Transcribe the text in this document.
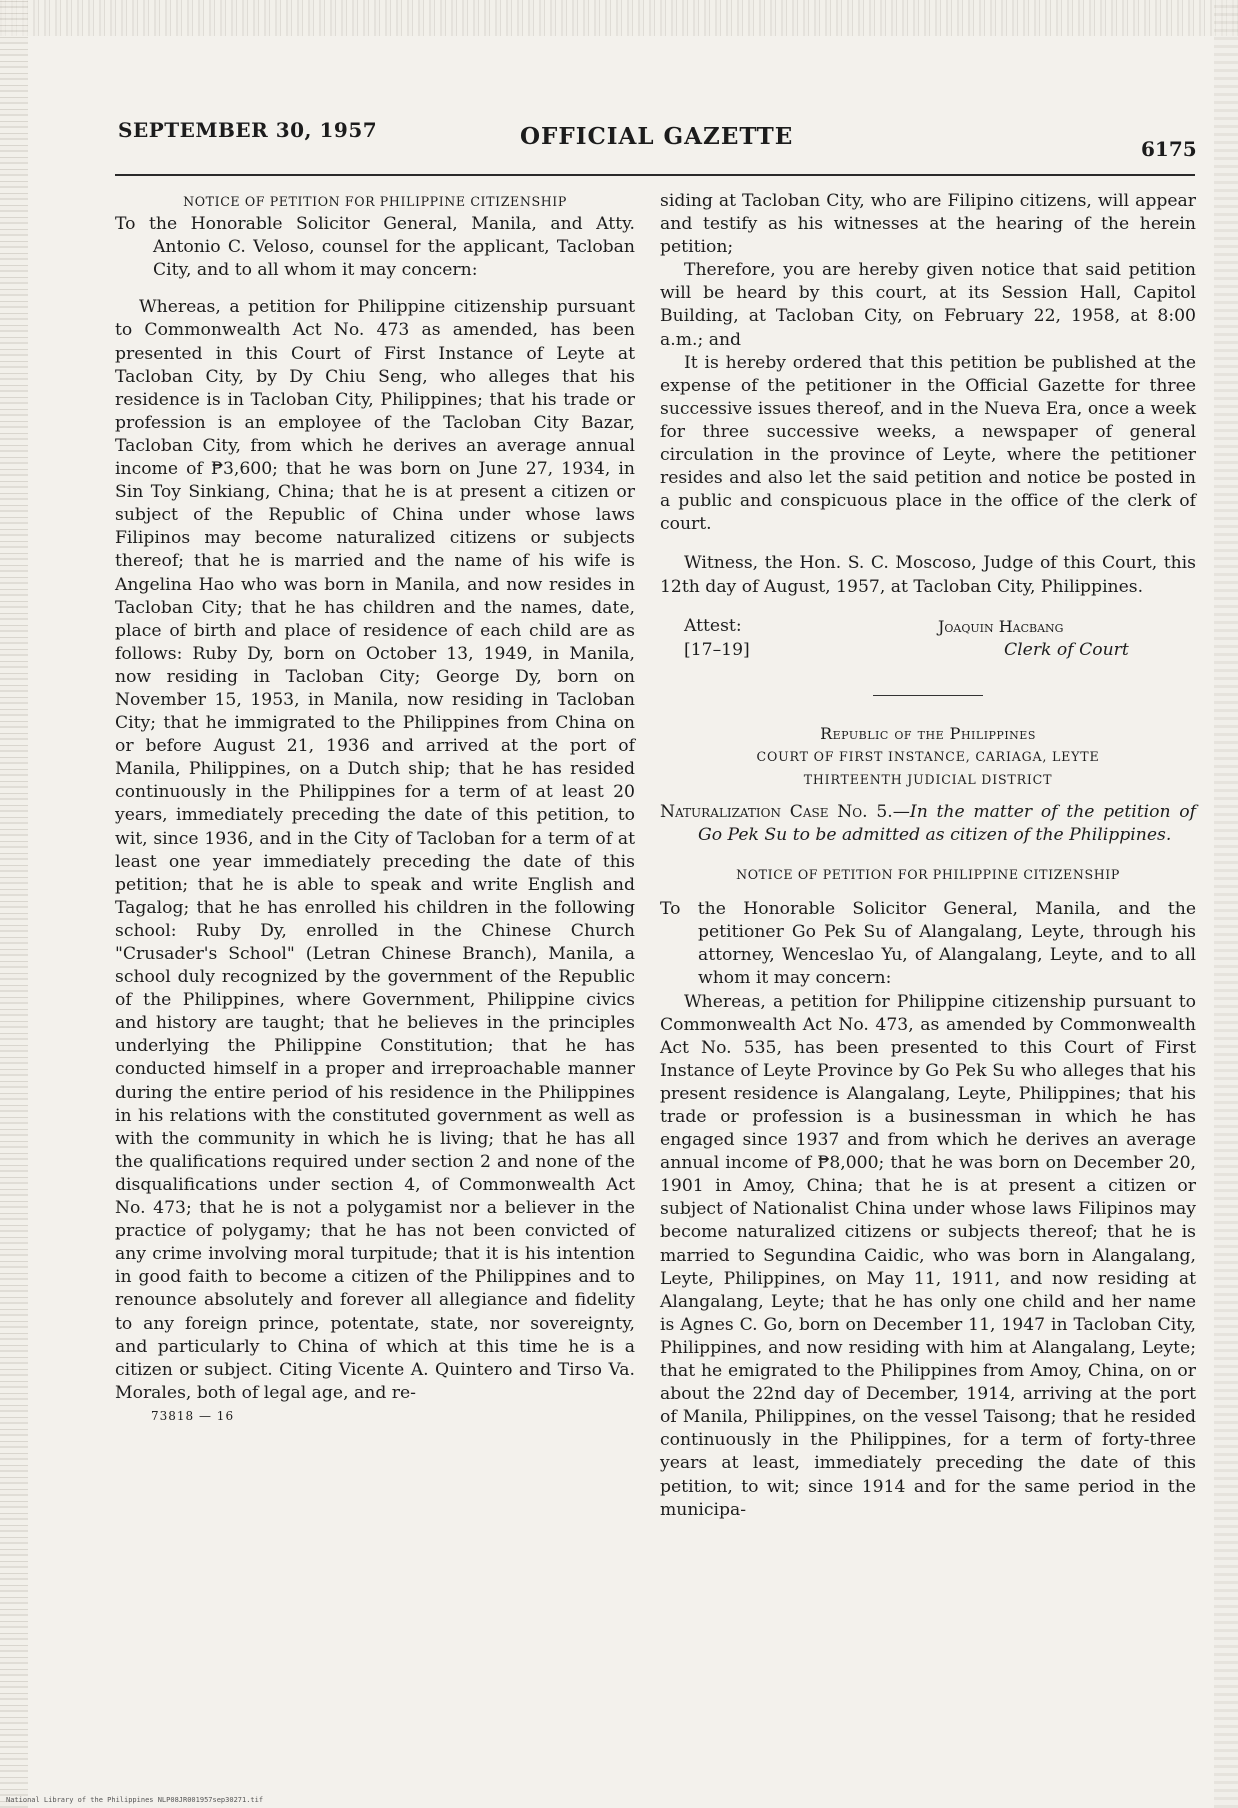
SEPTEMBER 30, 1957	OFFICIAL GAZETTE	6175

NOTICE OF PETITION FOR PHILIPPINE CITIZENSHIP

To the Honorable Solicitor General, Manila, and Atty. Antonio C. Veloso, counsel for the applicant, Tacloban City, and to all whom it may concern:

Whereas, a petition for Philippine citizenship pursuant to Commonwealth Act No. 473 as amended, has been presented in this Court of First Instance of Leyte at Tacloban City, by Dy Chiu Seng, who alleges that his residence is in Tacloban City, Philippines; that his trade or profession is an employee of the Tacloban City Bazar, Tacloban City, from which he derives an average annual income of ₱3,600; that he was born on June 27, 1934, in Sin Toy Sinkiang, China; that he is at present a citizen or subject of the Republic of China under whose laws Filipinos may become naturalized citizens or subjects thereof; that he is married and the name of his wife is Angelina Hao who was born in Manila, and now resides in Tacloban City; that he has children and the names, date, place of birth and place of residence of each child are as follows: Ruby Dy, born on October 13, 1949, in Manila, now residing in Tacloban City; George Dy, born on November 15, 1953, in Manila, now residing in Tacloban City; that he immigrated to the Philippines from China on or before August 21, 1936 and arrived at the port of Manila, Philippines, on a Dutch ship; that he has resided continuously in the Philippines for a term of at least 20 years, immediately preceding the date of this petition, to wit, since 1936, and in the City of Tacloban for a term of at least one year immediately preceding the date of this petition; that he is able to speak and write English and Tagalog; that he has enrolled his children in the following school: Ruby Dy, enrolled in the Chinese Church "Crusader's School" (Letran Chinese Branch), Manila, a school duly recognized by the government of the Republic of the Philippines, where Government, Philippine civics and history are taught; that he believes in the principles underlying the Philippine Constitution; that he has conducted himself in a proper and irreproachable manner during the entire period of his residence in the Philippines in his relations with the constituted government as well as with the community in which he is living; that he has all the qualifications required under section 2 and none of the disqualifications under section 4, of Commonwealth Act No. 473; that he is not a polygamist nor a believer in the practice of polygamy; that he has not been convicted of any crime involving moral turpitude; that it is his intention in good faith to become a citizen of the Philippines and to renounce absolutely and forever all allegiance and fidelity to any foreign prince, potentate, state, nor sovereignty, and particularly to China of which at this time he is a citizen or subject. Citing Vicente A. Quintero and Tirso Va. Morales, both of legal age, and re-

73818 — 16

siding at Tacloban City, who are Filipino citizens, will appear and testify as his witnesses at the hearing of the herein petition;

Therefore, you are hereby given notice that said petition will be heard by this court, at its Session Hall, Capitol Building, at Tacloban City, on February 22, 1958, at 8:00 a.m.; and

It is hereby ordered that this petition be published at the expense of the petitioner in the Official Gazette for three successive issues thereof, and in the Nueva Era, once a week for three successive weeks, a newspaper of general circulation in the province of Leyte, where the petitioner resides and also let the said petition and notice be posted in a public and conspicuous place in the office of the clerk of court.

Witness, the Hon. S. C. Moscoso, Judge of this Court, this 12th day of August, 1957, at Tacloban City, Philippines.

Attest:
[17–19]
Joaquin Hacbang
Clerk of Court

Republic of the Philippines

COURT OF FIRST INSTANCE, CARIAGA, LEYTE

THIRTEENTH JUDICIAL DISTRICT

Naturalization Case No. 5.—In the matter of the petition of Go Pek Su to be admitted as citizen of the Philippines.

NOTICE OF PETITION FOR PHILIPPINE CITIZENSHIP

To the Honorable Solicitor General, Manila, and the petitioner Go Pek Su of Alangalang, Leyte, through his attorney, Wenceslao Yu, of Alangalang, Leyte, and to all whom it may concern:

Whereas, a petition for Philippine citizenship pursuant to Commonwealth Act No. 473, as amended by Commonwealth Act No. 535, has been presented to this Court of First Instance of Leyte Province by Go Pek Su who alleges that his present residence is Alangalang, Leyte, Philippines; that his trade or profession is a businessman in which he has engaged since 1937 and from which he derives an average annual income of ₱8,000; that he was born on December 20, 1901 in Amoy, China; that he is at present a citizen or subject of Nationalist China under whose laws Filipinos may become naturalized citizens or subjects thereof; that he is married to Segundina Caidic, who was born in Alangalang, Leyte, Philippines, on May 11, 1911, and now residing at Alangalang, Leyte; that he has only one child and her name is Agnes C. Go, born on December 11, 1947 in Tacloban City, Philippines, and now residing with him at Alangalang, Leyte; that he emigrated to the Philippines from Amoy, China, on or about the 22nd day of December, 1914, arriving at the port of Manila, Philippines, on the vessel Taisong; that he resided continuously in the Philippines, for a term of forty-three years at least, immediately preceding the date of this petition, to wit; since 1914 and for the same period in the municipa-

National Library of the Philippines NLP08JR001957sep30271.tif
